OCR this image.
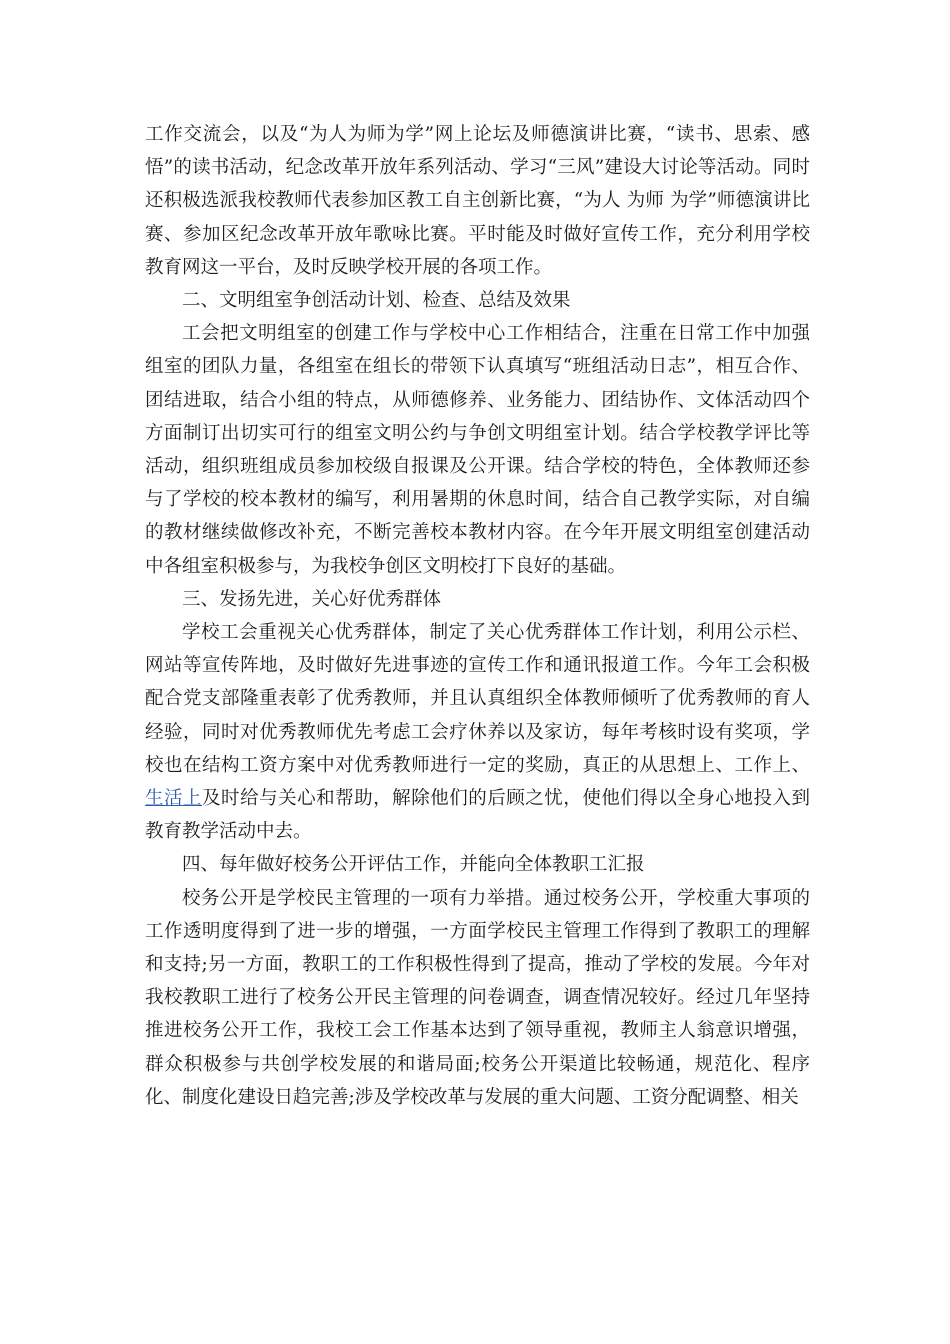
工作交流会，以及“为人为师为学”网上论坛及师德演讲比赛，“读书、思索、感悟”的读书活动，纪念改革开放年系列活动、学习“三风”建设大讨论等活动。同时还积极选派我校教师代表参加区教工自主创新比赛，“为人 为师 为学”师德演讲比赛、参加区纪念改革开放年歌咏比赛。平时能及时做好宣传工作，充分利用学校教育网这一平台，及时反映学校开展的各项工作。

二、文明组室争创活动计划、检查、总结及效果

工会把文明组室的创建工作与学校中心工作相结合，注重在日常工作中加强组室的团队力量，各组室在组长的带领下认真填写“班组活动日志”，相互合作、团结进取，结合小组的特点，从师德修养、业务能力、团结协作、文体活动四个方面制订出切实可行的组室文明公约与争创文明组室计划。结合学校教学评比等活动，组织班组成员参加校级自报课及公开课。结合学校的特色，全体教师还参与了学校的校本教材的编写，利用暑期的休息时间，结合自己教学实际，对自编的教材继续做修改补充，不断完善校本教材内容。在今年开展文明组室创建活动中各组室积极参与，为我校争创区文明校打下良好的基础。

三、发扬先进，关心好优秀群体

学校工会重视关心优秀群体，制定了关心优秀群体工作计划，利用公示栏、网站等宣传阵地，及时做好先进事迹的宣传工作和通讯报道工作。今年工会积极配合党支部隆重表彰了优秀教师，并且认真组织全体教师倾听了优秀教师的育人经验，同时对优秀教师优先考虑工会疗休养以及家访，每年考核时设有奖项，学校也在结构工资方案中对优秀教师进行一定的奖励，真正的从思想上、工作上、生活上及时给与关心和帮助，解除他们的后顾之忧，使他们得以全身心地投入到教育教学活动中去。

四、每年做好校务公开评估工作，并能向全体教职工汇报

校务公开是学校民主管理的一项有力举措。通过校务公开，学校重大事项的工作透明度得到了进一步的增强，一方面学校民主管理工作得到了教职工的理解和支持;另一方面，教职工的工作积极性得到了提高，推动了学校的发展。今年对我校教职工进行了校务公开民主管理的问卷调查，调查情况较好。经过几年坚持推进校务公开工作，我校工会工作基本达到了领导重视，教师主人翁意识增强，群众积极参与共创学校发展的和谐局面;校务公开渠道比较畅通，规范化、程序化、制度化建设日趋完善;涉及学校改革与发展的重大问题、工资分配调整、相关
